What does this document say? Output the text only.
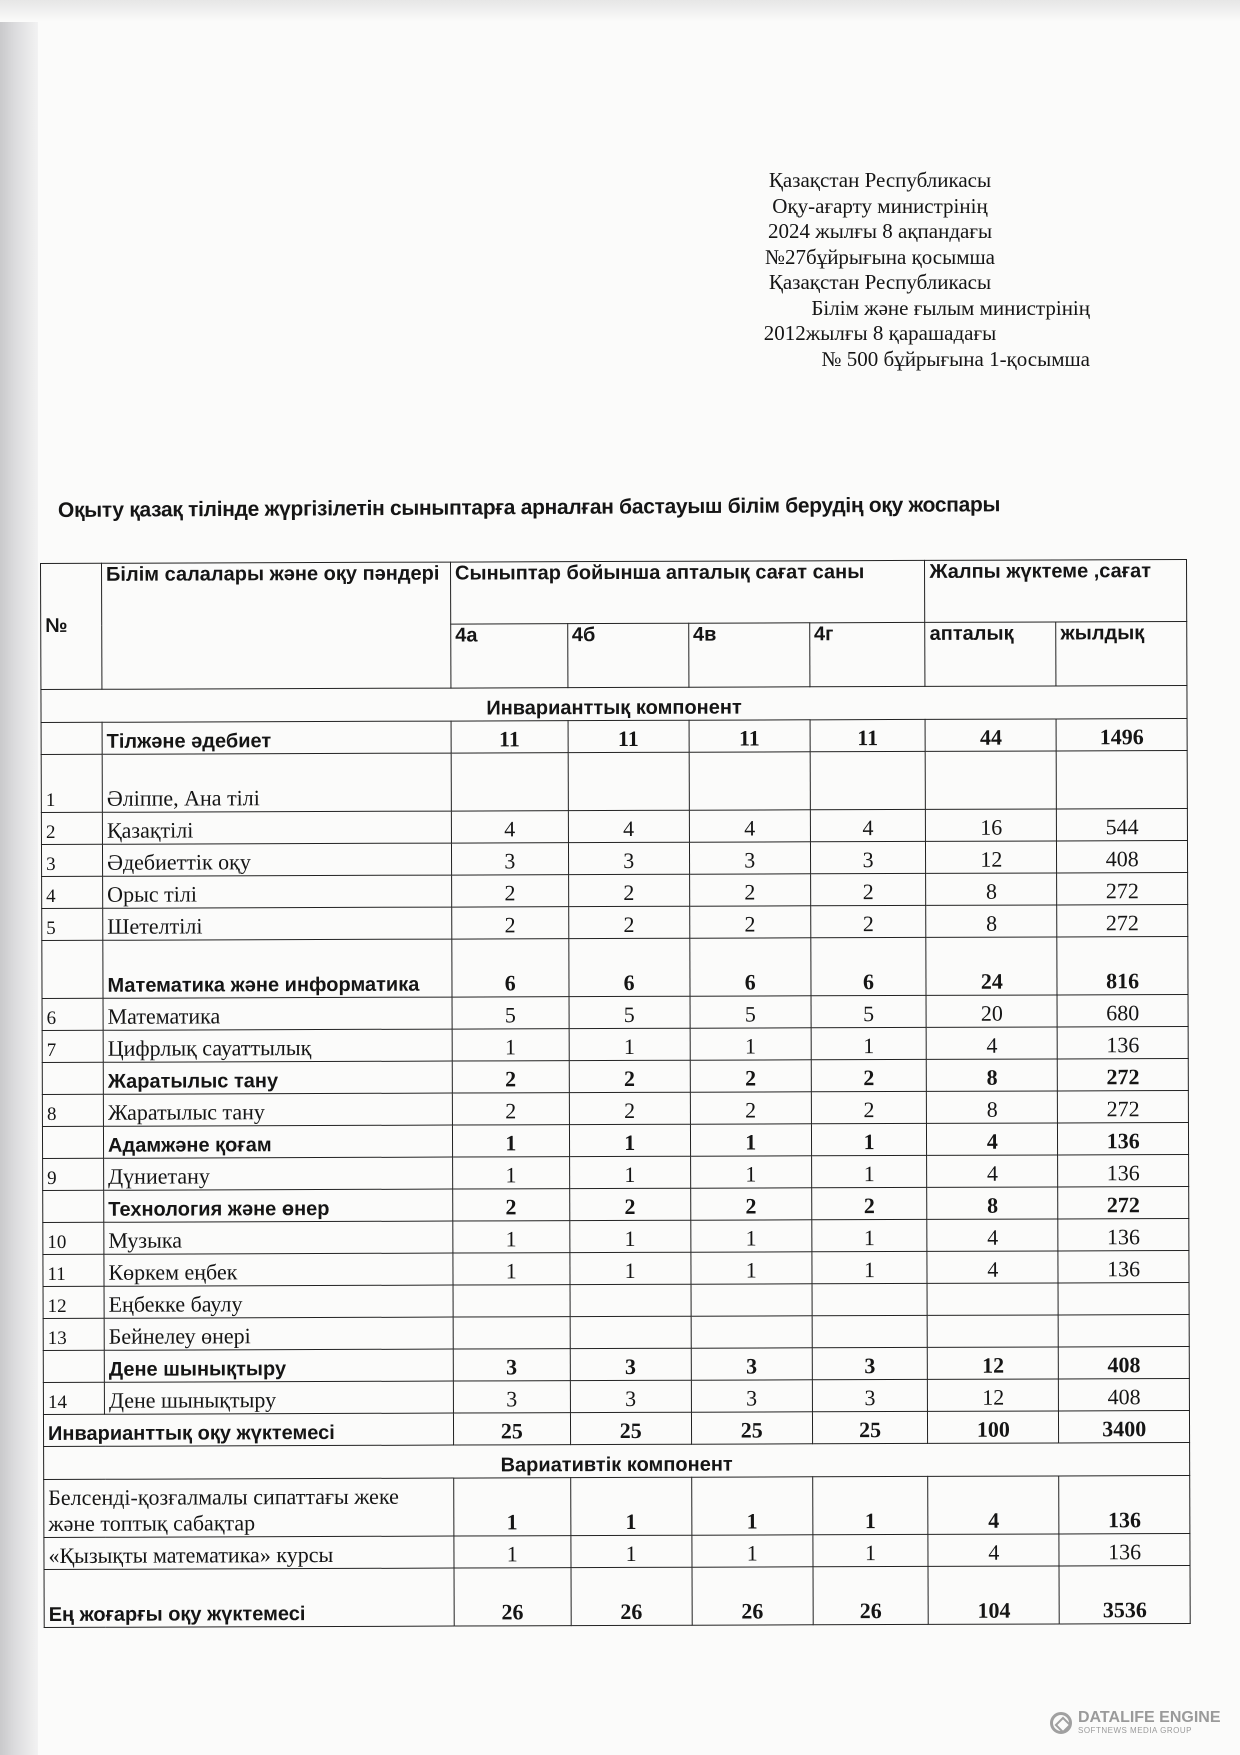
Қазақстан Республикасы
Оқу-ағарту министрінің
2024 жылғы 8 ақпандағы
№27бұйрығына қосымша
Қазақстан Республикасы
Білім және ғылым министрінің
2012жылғы 8 қарашадағы
№ 500 бұйрығына 1-қосымша
Оқыту қазақ тілінде жүргізілетін сыныптарға арналған бастауыш білім берудің оқу жоспары
№	Білім салалары және оқу пәндері	Сыныптар бойынша апталық сағат саны				Жалпы жүктеме ,сағат	
		4а	4б	4в	4г	апталық	жылдық
Инварианттық компонент							
	Тілжәне әдебиет	11	11	11	11	44	1496
1	Әліппе, Ана тілі						
2	Қазақтілі	4	4	4	4	16	544
3	Әдебиеттік оқу	3	3	3	3	12	408
4	Орыс тілі	2	2	2	2	8	272
5	Шетелтілі	2	2	2	2	8	272
	Математика және информатика	6	6	6	6	24	816
6	Математика	5	5	5	5	20	680
7	Цифрлық сауаттылық	1	1	1	1	4	136
	Жаратылыс тану	2	2	2	2	8	272
8	Жаратылыс тану	2	2	2	2	8	272
	Адамжәне қоғам	1	1	1	1	4	136
9	Дүниетану	1	1	1	1	4	136
	Технология және өнер	2	2	2	2	8	272
10	Музыка	1	1	1	1	4	136
11	Көркем еңбек	1	1	1	1	4	136
12	Еңбекке баулу						
13	Бейнелеу өнері						
	Дене шынықтыру	3	3	3	3	12	408
14	Дене шынықтыру	3	3	3	3	12	408
Инварианттық оқу жүктемесі		25	25	25	25	100	3400
Вариативтік компонент							
Белсенді-қозғалмалы сипаттағы жеке және топтық сабақтар		1	1	1	1	4	136
«Қызықты математика» курсы		1	1	1	1	4	136
Ең жоғарғы оқу жүктемесі		26	26	26	26	104	3536
DATALIFE ENGINE
SOFTNEWS MEDIA GROUP
